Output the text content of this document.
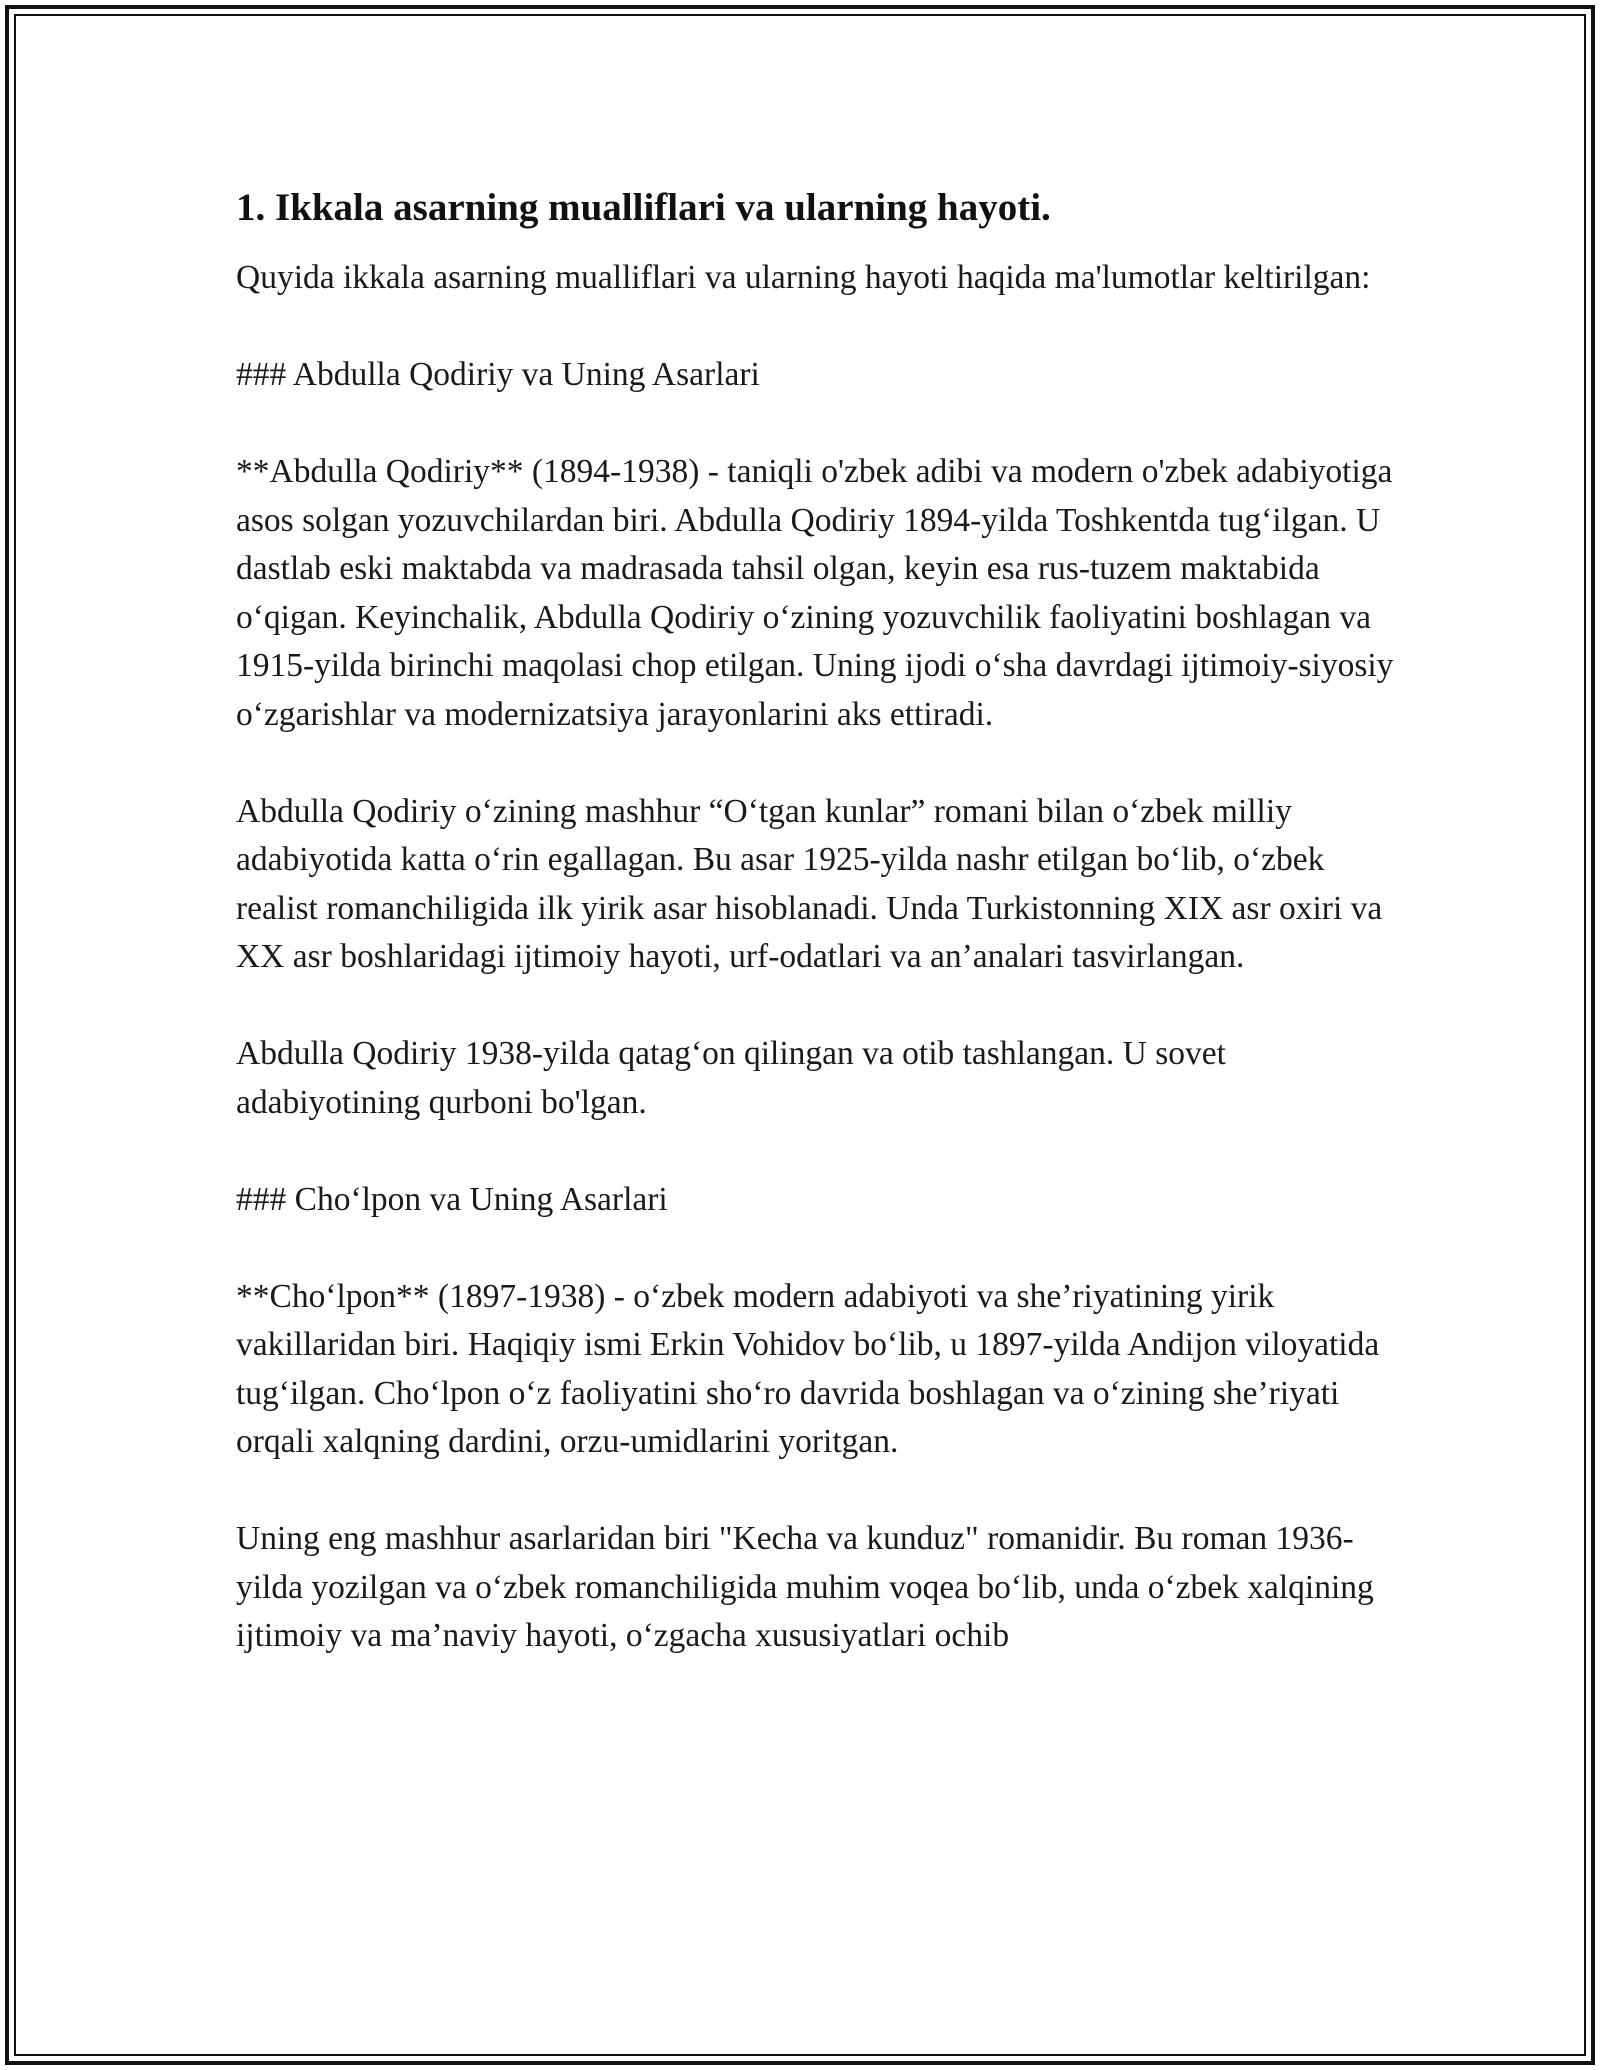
1. Ikkala asarning mualliflari va ularning hayoti.

Quyida ikkala asarning mualliflari va ularning hayoti haqida ma'lumotlar keltirilgan:

### Abdulla Qodiriy va Uning Asarlari

**Abdulla Qodiriy** (1894-1938) - taniqli o'zbek adibi va modern o'zbek adabiyotiga asos solgan yozuvchilardan biri. Abdulla Qodiriy 1894-yilda Toshkentda tug‘ilgan. U dastlab eski maktabda va madrasada tahsil olgan, keyin esa rus-tuzem maktabida o‘qigan. Keyinchalik, Abdulla Qodiriy o‘zining yozuvchilik faoliyatini boshlagan va 1915-yilda birinchi maqolasi chop etilgan. Uning ijodi o‘sha davrdagi ijtimoiy-siyosiy o‘zgarishlar va modernizatsiya jarayonlarini aks ettiradi.

Abdulla Qodiriy o‘zining mashhur “O‘tgan kunlar” romani bilan o‘zbek milliy adabiyotida katta o‘rin egallagan. Bu asar 1925-yilda nashr etilgan bo‘lib, o‘zbek realist romanchiligida ilk yirik asar hisoblanadi. Unda Turkistonning XIX asr oxiri va XX asr boshlaridagi ijtimoiy hayoti, urf-odatlari va an’analari tasvirlangan.

Abdulla Qodiriy 1938-yilda qatag‘on qilingan va otib tashlangan. U sovet adabiyotining qurboni bo'lgan.

### Cho‘lpon va Uning Asarlari

**Cho‘lpon** (1897-1938) - o‘zbek modern adabiyoti va she’riyatining yirik vakillaridan biri. Haqiqiy ismi Erkin Vohidov bo‘lib, u 1897-yilda Andijon viloyatida tug‘ilgan. Cho‘lpon o‘z faoliyatini sho‘ro davrida boshlagan va o‘zining she’riyati orqali xalqning dardini, orzu-umidlarini yoritgan.

Uning eng mashhur asarlaridan biri "Kecha va kunduz" romanidir. Bu roman 1936-yilda yozilgan va o‘zbek romanchiligida muhim voqea bo‘lib, unda o‘zbek xalqining ijtimoiy va ma’naviy hayoti, o‘zgacha xususiyatlari ochib
